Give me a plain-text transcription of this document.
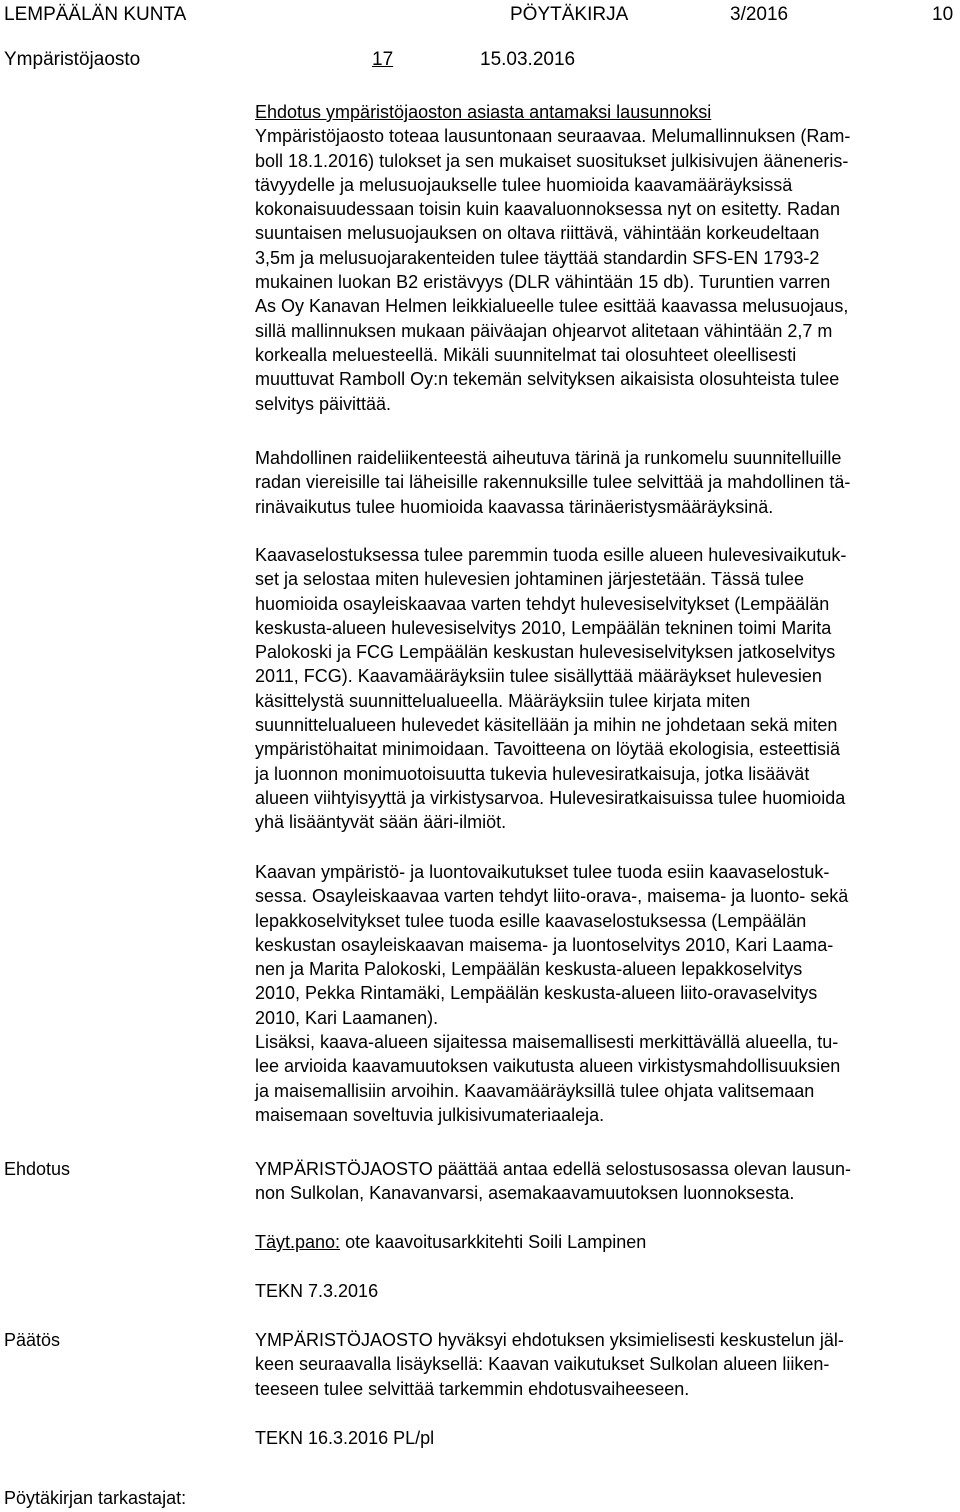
LEMPÄÄLÄN KUNTA	PÖYTÄKIRJA	3/2016	10
Ympäristöjaosto	17	15.03.2016
Ehdotus ympäristöjaoston asiasta antamaksi lausunnoksi
Ympäristöjaosto toteaa lausuntonaan seuraavaa. Melumallinnuksen (Ram-
boll 18.1.2016) tulokset ja sen mukaiset suositukset julkisivujen ääneneris-
tävyydelle ja melusuojaukselle tulee huomioida kaavamääräyksissä
kokonaisuudessaan toisin kuin kaavaluonnoksessa nyt on esitetty. Radan
suuntaisen melusuojauksen on oltava riittävä, vähintään korkeudeltaan
3,5m ja melusuojarakenteiden tulee täyttää standardin SFS-EN 1793-2
mukainen luokan B2 eristävyys (DLR vähintään 15 db). Turuntien varren
As Oy Kanavan Helmen leikkialueelle tulee esittää kaavassa melusuojaus,
sillä mallinnuksen mukaan päiväajan ohjearvot alitetaan vähintään 2,7 m
korkealla meluesteellä. Mikäli suunnitelmat tai olosuhteet oleellisesti
muuttuvat Ramboll Oy:n tekemän selvityksen aikaisista olosuhteista tulee
selvitys päivittää.
Mahdollinen raideliikenteestä aiheutuva tärinä ja runkomelu suunnitelluille
radan viereisille tai läheisille rakennuksille tulee selvittää ja mahdollinen tä-
rinävaikutus tulee huomioida kaavassa tärinäeristysmääräyksinä.
Kaavaselostuksessa tulee paremmin tuoda esille alueen hulevesivaikutuk-
set ja selostaa miten hulevesien johtaminen järjestetään. Tässä tulee
huomioida osayleiskaavaa varten tehdyt hulevesiselvitykset (Lempäälän
keskusta-alueen hulevesiselvitys 2010, Lempäälän tekninen toimi Marita
Palokoski ja FCG Lempäälän keskustan hulevesiselvityksen jatkoselvitys
2011, FCG). Kaavamääräyksiin tulee sisällyttää määräykset hulevesien
käsittelystä suunnittelualueella. Määräyksiin tulee kirjata miten
suunnittelualueen hulevedet käsitellään ja mihin ne johdetaan sekä miten
ympäristöhaitat minimoidaan. Tavoitteena on löytää ekologisia, esteettisiä
ja luonnon monimuotoisuutta tukevia hulevesiratkaisuja, jotka lisäävät
alueen viihtyisyyttä ja virkistysarvoa. Hulevesiratkaisuissa tulee huomioida
yhä lisääntyvät sään ääri-ilmiöt.
Kaavan ympäristö- ja luontovaikutukset tulee tuoda esiin kaavaselostuk-
sessa. Osayleiskaavaa varten tehdyt liito-orava-, maisema- ja luonto- sekä
lepakkoselvitykset tulee tuoda esille kaavaselostuksessa (Lempäälän
keskustan osayleiskaavan maisema- ja luontoselvitys 2010, Kari Laama-
nen ja Marita Palokoski, Lempäälän keskusta-alueen lepakkoselvitys
2010, Pekka Rintamäki, Lempäälän keskusta-alueen liito-oravaselvitys
2010, Kari Laamanen).
Lisäksi, kaava-alueen sijaitessa maisemallisesti merkittävällä alueella, tu-
lee arvioida kaavamuutoksen vaikutusta alueen virkistysmahdollisuuksien
ja maisemallisiin arvoihin. Kaavamääräyksillä tulee ohjata valitsemaan
maisemaan soveltuvia julkisivumateriaaleja.
Ehdotus	YMPÄRISTÖJAOSTO päättää antaa edellä selostusosassa olevan lausun-
non Sulkolan, Kanavanvarsi, asemakaavamuutoksen luonnoksesta.
Täyt.pano: ote kaavoitusarkkitehti Soili Lampinen
TEKN 7.3.2016
Päätös	YMPÄRISTÖJAOSTO hyväksyi ehdotuksen yksimielisesti keskustelun jäl-
keen seuraavalla lisäyksellä: Kaavan vaikutukset Sulkolan alueen liiken-
teeseen tulee selvittää tarkemmin ehdotusvaiheeseen.
TEKN 16.3.2016 PL/pl
Pöytäkirjan tarkastajat:
